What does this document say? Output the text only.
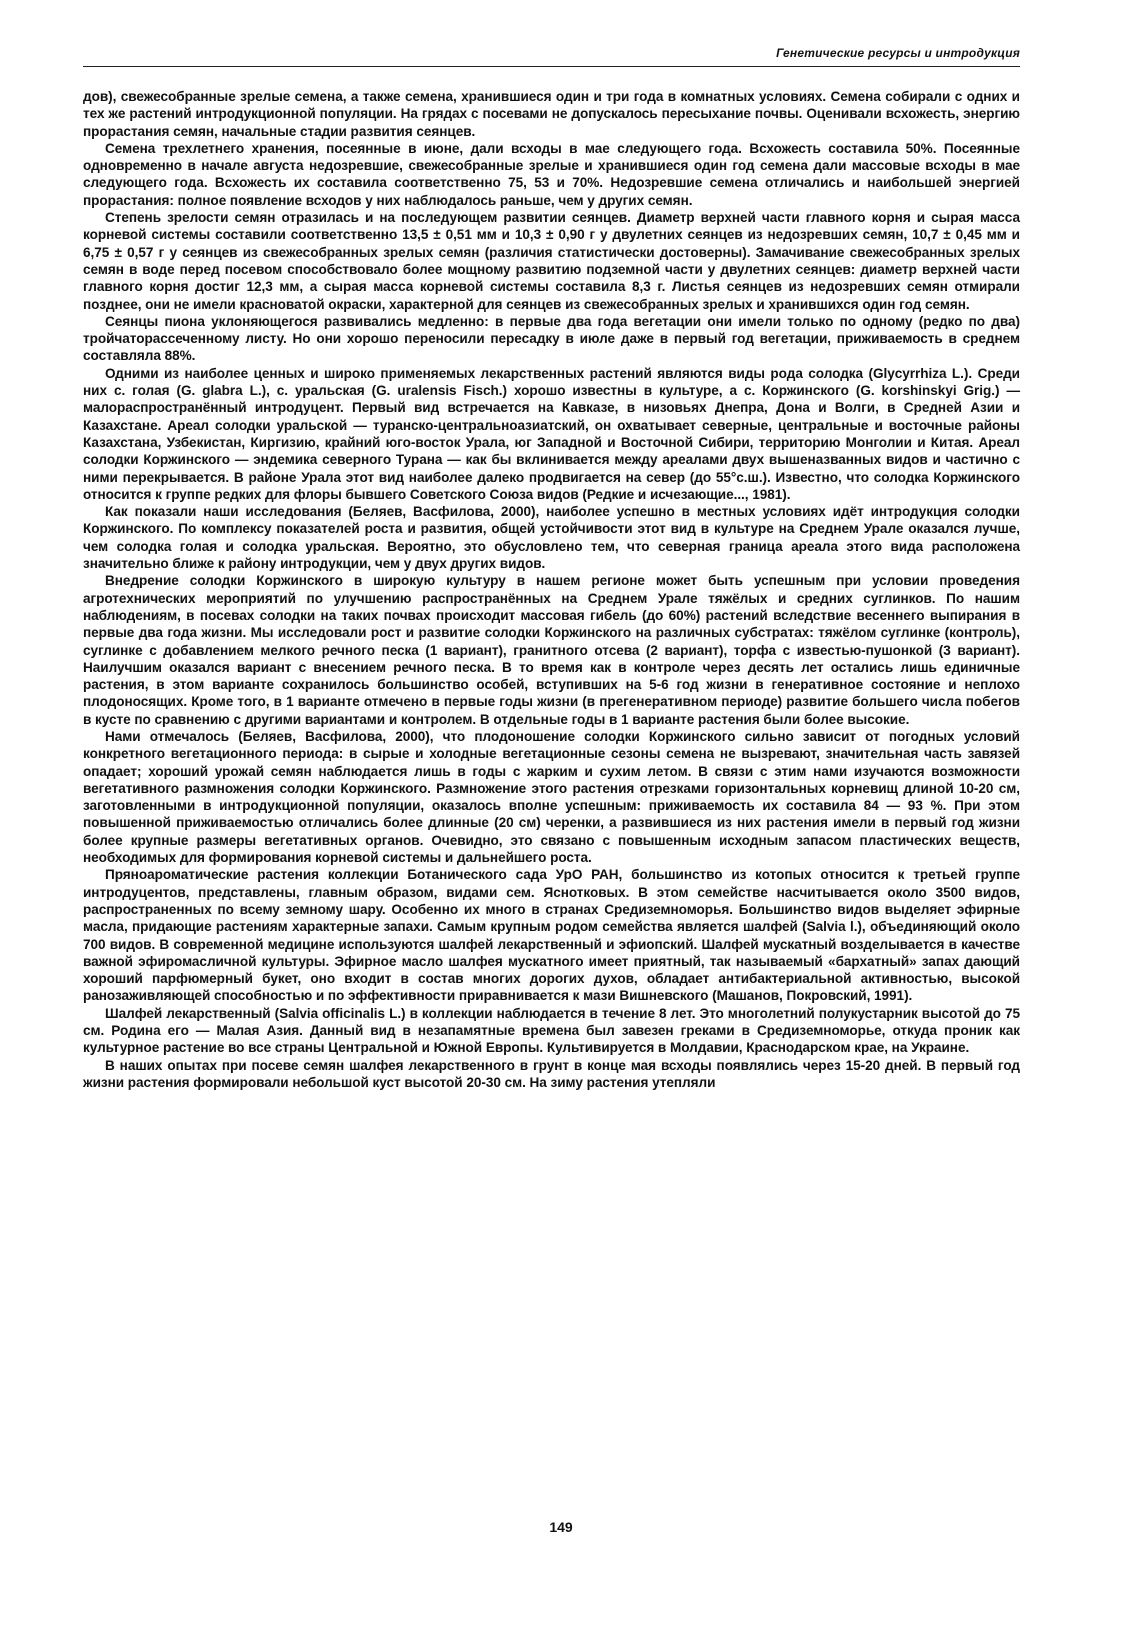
Генетические ресурсы и интродукция

дов), свежесобранные зрелые семена, а также семена, хранившиеся один и три года в комнатных условиях. Семена собирали с одних и тех же растений интродукционной популяции. На грядах с посевами не допускалось пересыхание почвы. Оценивали всхожесть, энергию прорастания семян, начальные стадии развития сеянцев.

Семена трехлетнего хранения, посеянные в июне, дали всходы в мае следующего года. Всхожесть составила 50%. Посеянные одновременно в начале августа недозревшие, свежесобранные зрелые и хранившиеся один год семена дали массовые всходы в мае следующего года. Всхожесть их составила соответственно 75, 53 и 70%. Недозревшие семена отличались и наибольшей энергией прорастания: полное появление всходов у них наблюдалось раньше, чем у других семян.

Степень зрелости семян отразилась и на последующем развитии сеянцев. Диаметр верхней части главного корня и сырая масса корневой системы составили соответственно 13,5 ± 0,51 мм и 10,3 ± 0,90 г у двулетних сеянцев из недозревших семян, 10,7 ± 0,45 мм и 6,75 ± 0,57 г у сеянцев из свежесобранных зрелых семян (различия статистически достоверны). Замачивание свежесобранных зрелых семян в воде перед посевом способствовало более мощному развитию подземной части у двулетних сеянцев: диаметр верхней части главного корня достиг 12,3 мм, а сырая масса корневой системы составила 8,3 г. Листья сеянцев из недозревших семян отмирали позднее, они не имели красноватой окраски, характерной для сеянцев из свежесобранных зрелых и хранившихся один год семян.

Сеянцы пиона уклоняющегося развивались медленно: в первые два года вегетации они имели только по одному (редко по два) тройчаторассеченному листу. Но они хорошо переносили пересадку в июле даже в первый год вегетации, приживаемость в среднем составляла 88%.

Одними из наиболее ценных и широко применяемых лекарственных растений являются виды рода солодка (Glycyrrhiza L.). Среди них с. голая (G. glabra L.), с. уральская (G. uralensis Fisch.) хорошо известны в культуре, а с. Коржинского (G. korshinskyi Grig.) — малораспространённый интродуцент. Первый вид встречается на Кавказе, в низовьях Днепра, Дона и Волги, в Средней Азии и Казахстане. Ареал солодки уральской — туранско-центральноазиатский, он охватывает северные, центральные и восточные районы Казахстана, Узбекистан, Киргизию, крайний юго-восток Урала, юг Западной и Восточной Сибири, территорию Монголии и Китая. Ареал солодки Коржинского — эндемика северного Турана — как бы вклинивается между ареалами двух вышеназванных видов и частично с ними перекрывается. В районе Урала этот вид наиболее далеко продвигается на север (до 55°с.ш.). Известно, что солодка Коржинского относится к группе редких для флоры бывшего Советского Союза видов (Редкие и исчезающие..., 1981).

Как показали наши исследования (Беляев, Васфилова, 2000), наиболее успешно в местных условиях идёт интродукция солодки Коржинского. По комплексу показателей роста и развития, общей устойчивости этот вид в культуре на Среднем Урале оказался лучше, чем солодка голая и солодка уральская. Вероятно, это обусловлено тем, что северная граница ареала этого вида расположена значительно ближе к району интродукции, чем у двух других видов.

Внедрение солодки Коржинского в широкую культуру в нашем регионе может быть успешным при условии проведения агротехнических мероприятий по улучшению распространённых на Среднем Урале тяжёлых и средних суглинков. По нашим наблюдениям, в посевах солодки на таких почвах происходит массовая гибель (до 60%) растений вследствие весеннего выпирания в первые два года жизни. Мы исследовали рост и развитие солодки Коржинского на различных субстратах: тяжёлом суглинке (контроль), суглинке с добавлением мелкого речного песка (1 вариант), гранитного отсева (2 вариант), торфа с известью-пушонкой (3 вариант). Наилучшим оказался вариант с внесением речного песка. В то время как в контроле через десять лет остались лишь единичные растения, в этом варианте сохранилось большинство особей, вступивших на 5-6 год жизни в генеративное состояние и неплохо плодоносящих. Кроме того, в 1 варианте отмечено в первые годы жизни (в прегенеративном периоде) развитие большего числа побегов в кусте по сравнению с другими вариантами и контролем. В отдельные годы в 1 варианте растения были более высокие.

Нами отмечалось (Беляев, Васфилова, 2000), что плодоношение солодки Коржинского сильно зависит от погодных условий конкретного вегетационного периода: в сырые и холодные вегетационные сезоны семена не вызревают, значительная часть завязей опадает; хороший урожай семян наблюдается лишь в годы с жарким и сухим летом. В связи с этим нами изучаются возможности вегетативного размножения солодки Коржинского. Размножение этого растения отрезками горизонтальных корневищ длиной 10-20 см, заготовленными в интродукционной популяции, оказалось вполне успешным: приживаемость их составила 84 — 93 %. При этом повышенной приживаемостью отличались более длинные (20 см) черенки, а развившиеся из них растения имели в первый год жизни более крупные размеры вегетативных органов. Очевидно, это связано с повышенным исходным запасом пластических веществ, необходимых для формирования корневой системы и дальнейшего роста.

Пряноароматические растения коллекции Ботанического сада УрО РАН, большинство из котопых относится к третьей группе интродуцентов, представлены, главным образом, видами сем. Яснотковых. В этом семействе насчитывается около 3500 видов, распространенных по всему земному шару. Особенно их много в странах Средиземноморья. Большинство видов выделяет эфирные масла, придающие растениям характерные запахи. Самым крупным родом семейства является шалфей (Salvia l.), объединяющий около 700 видов. В современной медицине используются шалфей лекарственный и эфиопский. Шалфей мускатный возделывается в качестве важной эфиромасличной культуры. Эфирное масло шалфея мускатного имеет приятный, так называемый «бархатный» запах дающий хороший парфюмерный букет, оно входит в состав многих дорогих духов, обладает антибактериальной активностью, высокой ранозаживляющей способностью и по эффективности приравнивается к мази Вишневского (Машанов, Покровский, 1991).

Шалфей лекарственный (Salvia officinalis L.) в коллекции наблюдается в течение 8 лет. Это многолетний полукустарник высотой до 75 см. Родина его — Малая Азия. Данный вид в незапамятные времена был завезен греками в Средиземноморье, откуда проник как культурное растение во все страны Центральной и Южной Европы. Культивируется в Молдавии, Краснодарском крае, на Украине.

В наших опытах при посеве семян шалфея лекарственного в грунт в конце мая всходы появлялись через 15-20 дней. В первый год жизни растения формировали небольшой куст высотой 20-30 см. На зиму растения утепляли

149
